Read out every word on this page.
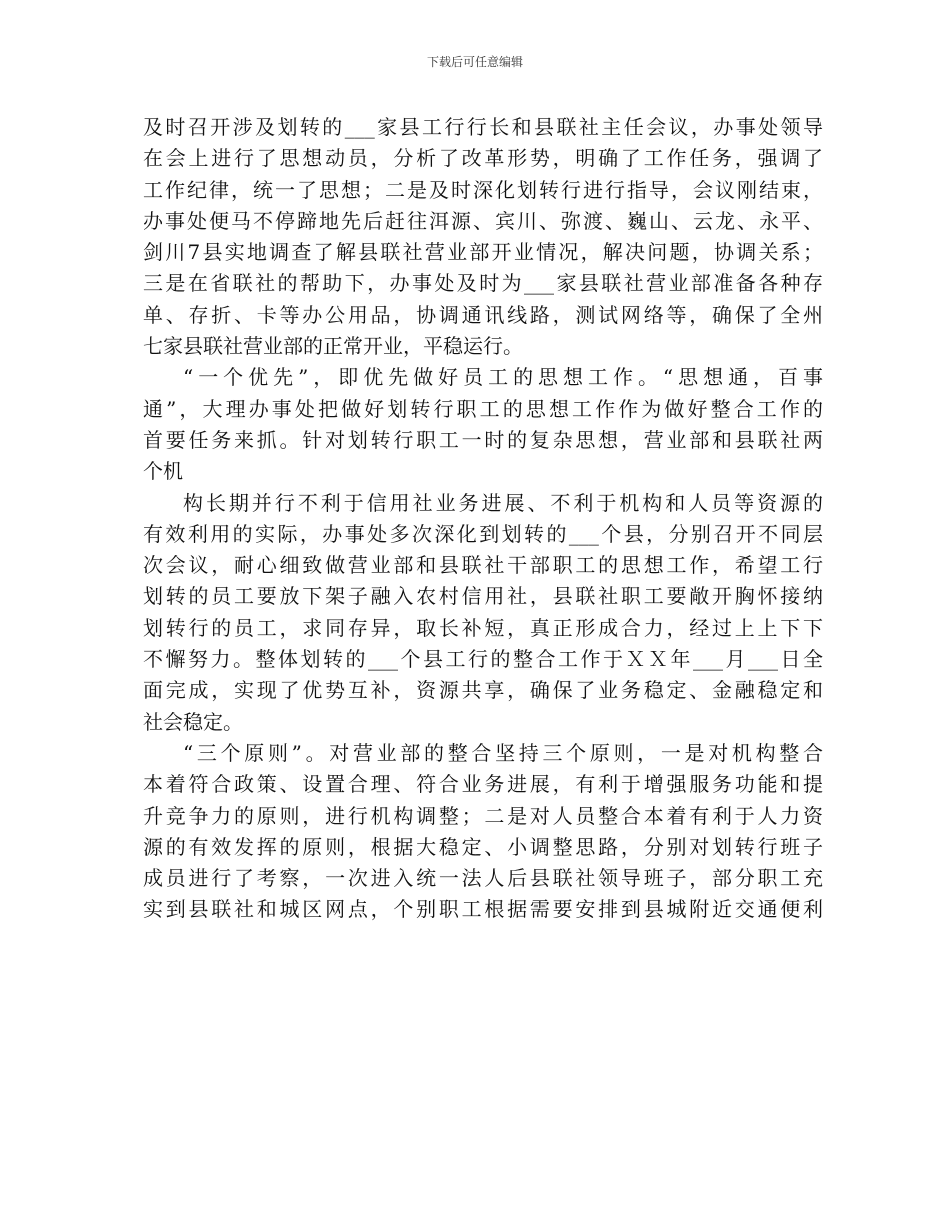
下载后可任意编辑
及时召开涉及划转的___家县工行行长和县联社主任会议，办事处领导
在会上进行了思想动员，分析了改革形势，明确了工作任务，强调了
工作纪律，统一了思想；二是及时深化划转行进行指导，会议刚结束，
办事处便马不停蹄地先后赶往洱源、宾川、弥渡、巍山、云龙、永平、
剑川7县实地调查了解县联社营业部开业情况，解决问题，协调关系；
三是在省联社的帮助下，办事处及时为___家县联社营业部准备各种存
单、存折、卡等办公用品，协调通讯线路，测试网络等，确保了全州
七家县联社营业部的正常开业，平稳运行。
“一个优先”，即优先做好员工的思想工作。“思想通，百事
通”，大理办事处把做好划转行职工的思想工作作为做好整合工作的
首要任务来抓。针对划转行职工一时的复杂思想，营业部和县联社两
个机
构长期并行不利于信用社业务进展、不利于机构和人员等资源的
有效利用的实际，办事处多次深化到划转的___个县，分别召开不同层
次会议，耐心细致做营业部和县联社干部职工的思想工作，希望工行
划转的员工要放下架子融入农村信用社，县联社职工要敞开胸怀接纳
划转行的员工，求同存异，取长补短，真正形成合力，经过上上下下
不懈努力。整体划转的___个县工行的整合工作于ＸＸ年___月___日全
面完成，实现了优势互补，资源共享，确保了业务稳定、金融稳定和
社会稳定。
“三个原则”。对营业部的整合坚持三个原则，一是对机构整合
本着符合政策、设置合理、符合业务进展，有利于增强服务功能和提
升竞争力的原则，进行机构调整；二是对人员整合本着有利于人力资
源的有效发挥的原则，根据大稳定、小调整思路，分别对划转行班子
成员进行了考察，一次进入统一法人后县联社领导班子，部分职工充
实到县联社和城区网点，个别职工根据需要安排到县城附近交通便利
